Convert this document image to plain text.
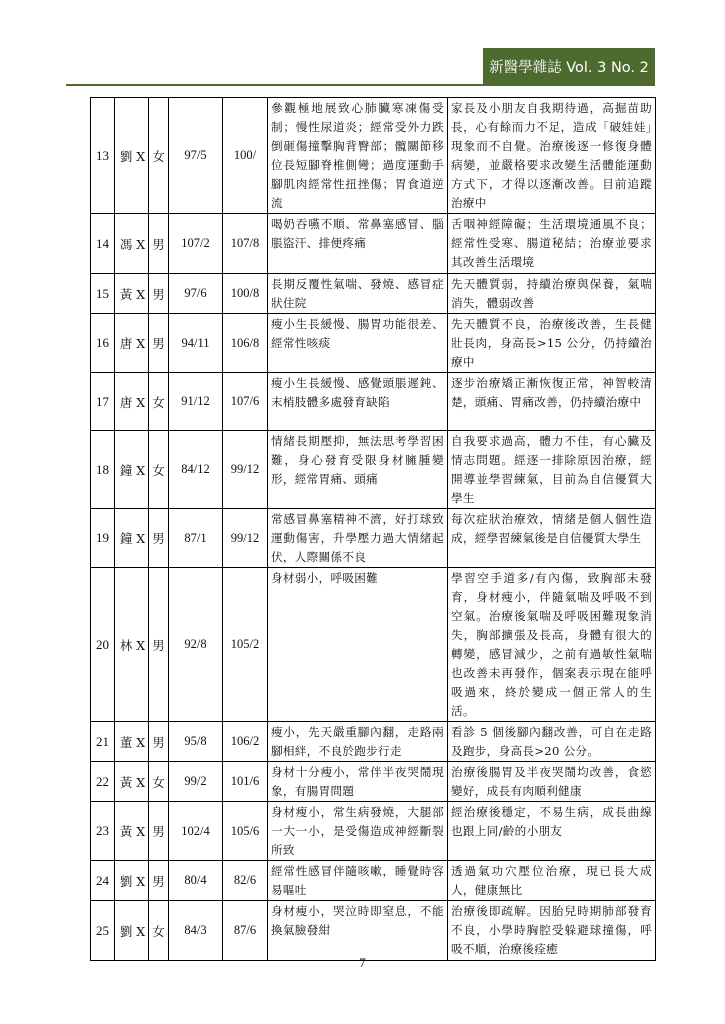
新醫學雜誌 Vol. 3 No. 2
13	劉 X	女	97/5	100/	參觀極地展致心肺臟寒凍傷受制；慢性尿道炎；經常受外力跌倒砸傷撞擊胸背臀部；髖關節移位長短腳脊椎側彎；過度運動手腳肌肉經常性扭挫傷；胃食道逆流	家長及小朋友自我期待過，高掘苗助長，心有餘而力不足，造成「破娃娃」現象而不自覺。治療後逐一修復身體病變，並嚴格要求改變生活體能運動方式下，才得以逐漸改善。目前追蹤治療中
14	馮 X	男	107/2	107/8	喝奶吞嚥不順、常鼻塞感冒、腦脹盜汗、排便疼痛	舌咽神經障礙；生活環境通風不良；經常性受寒、腸道秘結；治療並要求其改善生活環境
15	黃 X	男	97/6	100/8	長期反覆性氣喘、發燒、感冒症狀住院	先天體質弱，持續治療與保養，氣喘消失，體弱改善
16	唐 X	男	94/11	106/8	瘦小生長緩慢、腸胃功能很差、經常性咳痰	先天體質不良，治療後改善，生長健壯長肉，身高長>15 公分，仍持續治療中
17	唐 X	女	91/12	107/6	瘦小生長緩慢、感覺頭脹遲鈍、末梢肢體多處發育缺陷	逐步治療矯正漸恢復正常，神智較清楚，頭痛、胃痛改善，仍持續治療中
18	鐘 X	女	84/12	99/12	情緒長期壓抑，無法思考學習困難，身心發育受限身材臃腫變形，經常胃痛、頭痛	自我要求過高，體力不佳，有心臟及情志問題。經逐一排除原因治療，經開導並學習練氣，目前為自信優質大學生
19	鐘 X	男	87/1	99/12	常感冒鼻塞精神不濟，好打球致運動傷害，升學壓力過大情緒起伏，人際關係不良	每次症狀治療效，情緒是個人個性造成，經學習練氣後是自信優質大學生
20	林 X	男	92/8	105/2	身材弱小，呼吸困難	學習空手道多/有內傷，致胸部未發育，身材瘦小，伴隨氣喘及呼吸不到空氣。治療後氣喘及呼吸困難現象消失，胸部擴張及長高，身體有很大的轉變，感冒減少，之前有過敏性氣喘也改善未再發作，個案表示現在能呼吸過來，終於變成一個正常人的生活。
21	董 X	男	95/8	106/2	瘦小，先天嚴重腳內翻，走路兩腳相絆，不良於跑步行走	看診 5 個後腳內翻改善，可自在走路及跑步，身高長>20 公分。
22	黃 X	女	99/2	101/6	身材十分瘦小，常伴半夜哭鬧現象，有腸胃問題	治療後腸胃及半夜哭鬧均改善，食慾變好，成長有肉順利健康
23	黃 X	男	102/4	105/6	身材瘦小，常生病發燒，大腿部一大一小，是受傷造成神經斷裂所致	經治療後穩定，不易生病，成長曲線也跟上同/齡的小朋友
24	劉 X	男	80/4	82/6	經常性感冒伴隨咳嗽，睡覺時容易嘔吐	透過氣功穴壓位治療，現已長大成人，健康無比
25	劉 X	女	84/3	87/6	身材瘦小，哭泣時即窒息，不能換氣臉發紺	治療後即疏解。因胎兒時期肺部發育不良，小學時胸腔受躲避球撞傷，呼吸不順，治療後痊癒
7
